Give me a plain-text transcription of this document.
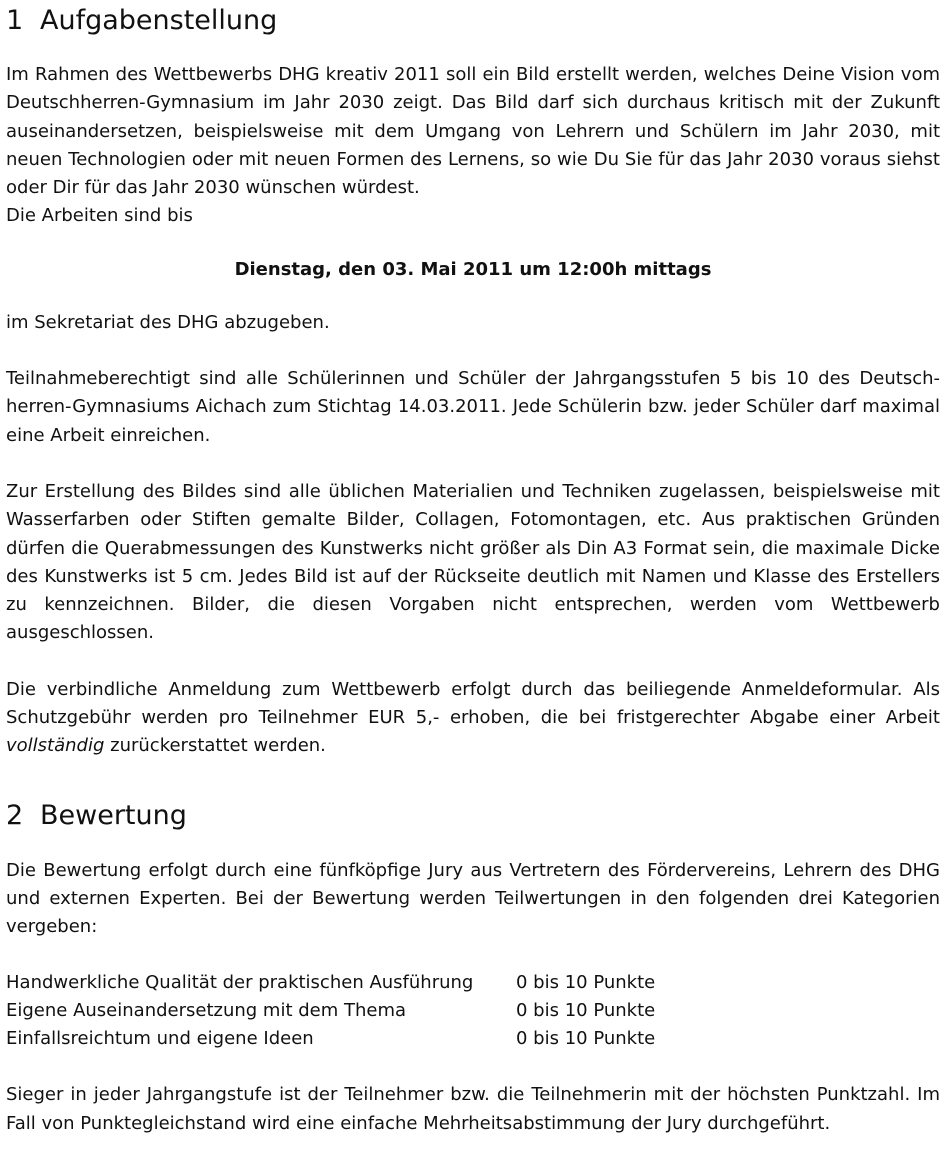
1 Aufgabenstellung

Im Rahmen des Wettbewerbs DHG kreativ 2011 soll ein Bild erstellt werden, welches Deine Vision vom Deutschherren-Gymnasium im Jahr 2030 zeigt. Das Bild darf sich durchaus kritisch mit der Zukunft auseinandersetzen, beispielsweise mit dem Umgang von Lehrern und Schülern im Jahr 2030, mit neuen Technologien oder mit neuen Formen des Lernens, so wie Du Sie für das Jahr 2030 voraus siehst oder Dir für das Jahr 2030 wünschen würdest.
Die Arbeiten sind bis

Dienstag, den 03. Mai 2011 um 12:00h mittags

im Sekretariat des DHG abzugeben.

Teilnahmeberechtigt sind alle Schülerinnen und Schüler der Jahrgangsstufen 5 bis 10 des Deutschherren-Gymnasiums Aichach zum Stichtag 14.03.2011. Jede Schülerin bzw. jeder Schüler darf maximal eine Arbeit einreichen.

Zur Erstellung des Bildes sind alle üblichen Materialien und Techniken zugelassen, beispielsweise mit Wasserfarben oder Stiften gemalte Bilder, Collagen, Fotomontagen, etc. Aus praktischen Gründen dürfen die Querabmessungen des Kunstwerks nicht größer als Din A3 Format sein, die maximale Dicke des Kunstwerks ist 5 cm. Jedes Bild ist auf der Rückseite deutlich mit Namen und Klasse des Erstellers zu kennzeichnen. Bilder, die diesen Vorgaben nicht entsprechen, werden vom Wettbewerb ausgeschlossen.

Die verbindliche Anmeldung zum Wettbewerb erfolgt durch das beiliegende Anmeldeformular. Als Schutzgebühr werden pro Teilnehmer EUR 5,- erhoben, die bei fristgerechter Abgabe einer Arbeit vollständig zurückerstattet werden.

2 Bewertung

Die Bewertung erfolgt durch eine fünfköpfige Jury aus Vertretern des Fördervereins, Lehrern des DHG und externen Experten. Bei der Bewertung werden Teilwertungen in den folgenden drei Kategorien vergeben:

Handwerkliche Qualität der praktischen Ausführung	0 bis 10 Punkte
Eigene Auseinandersetzung mit dem Thema	0 bis 10 Punkte
Einfallsreichtum und eigene Ideen	0 bis 10 Punkte

Sieger in jeder Jahrgangstufe ist der Teilnehmer bzw. die Teilnehmerin mit der höchsten Punktzahl. Im Fall von Punktegleichstand wird eine einfache Mehrheitsabstimmung der Jury durchgeführt.
